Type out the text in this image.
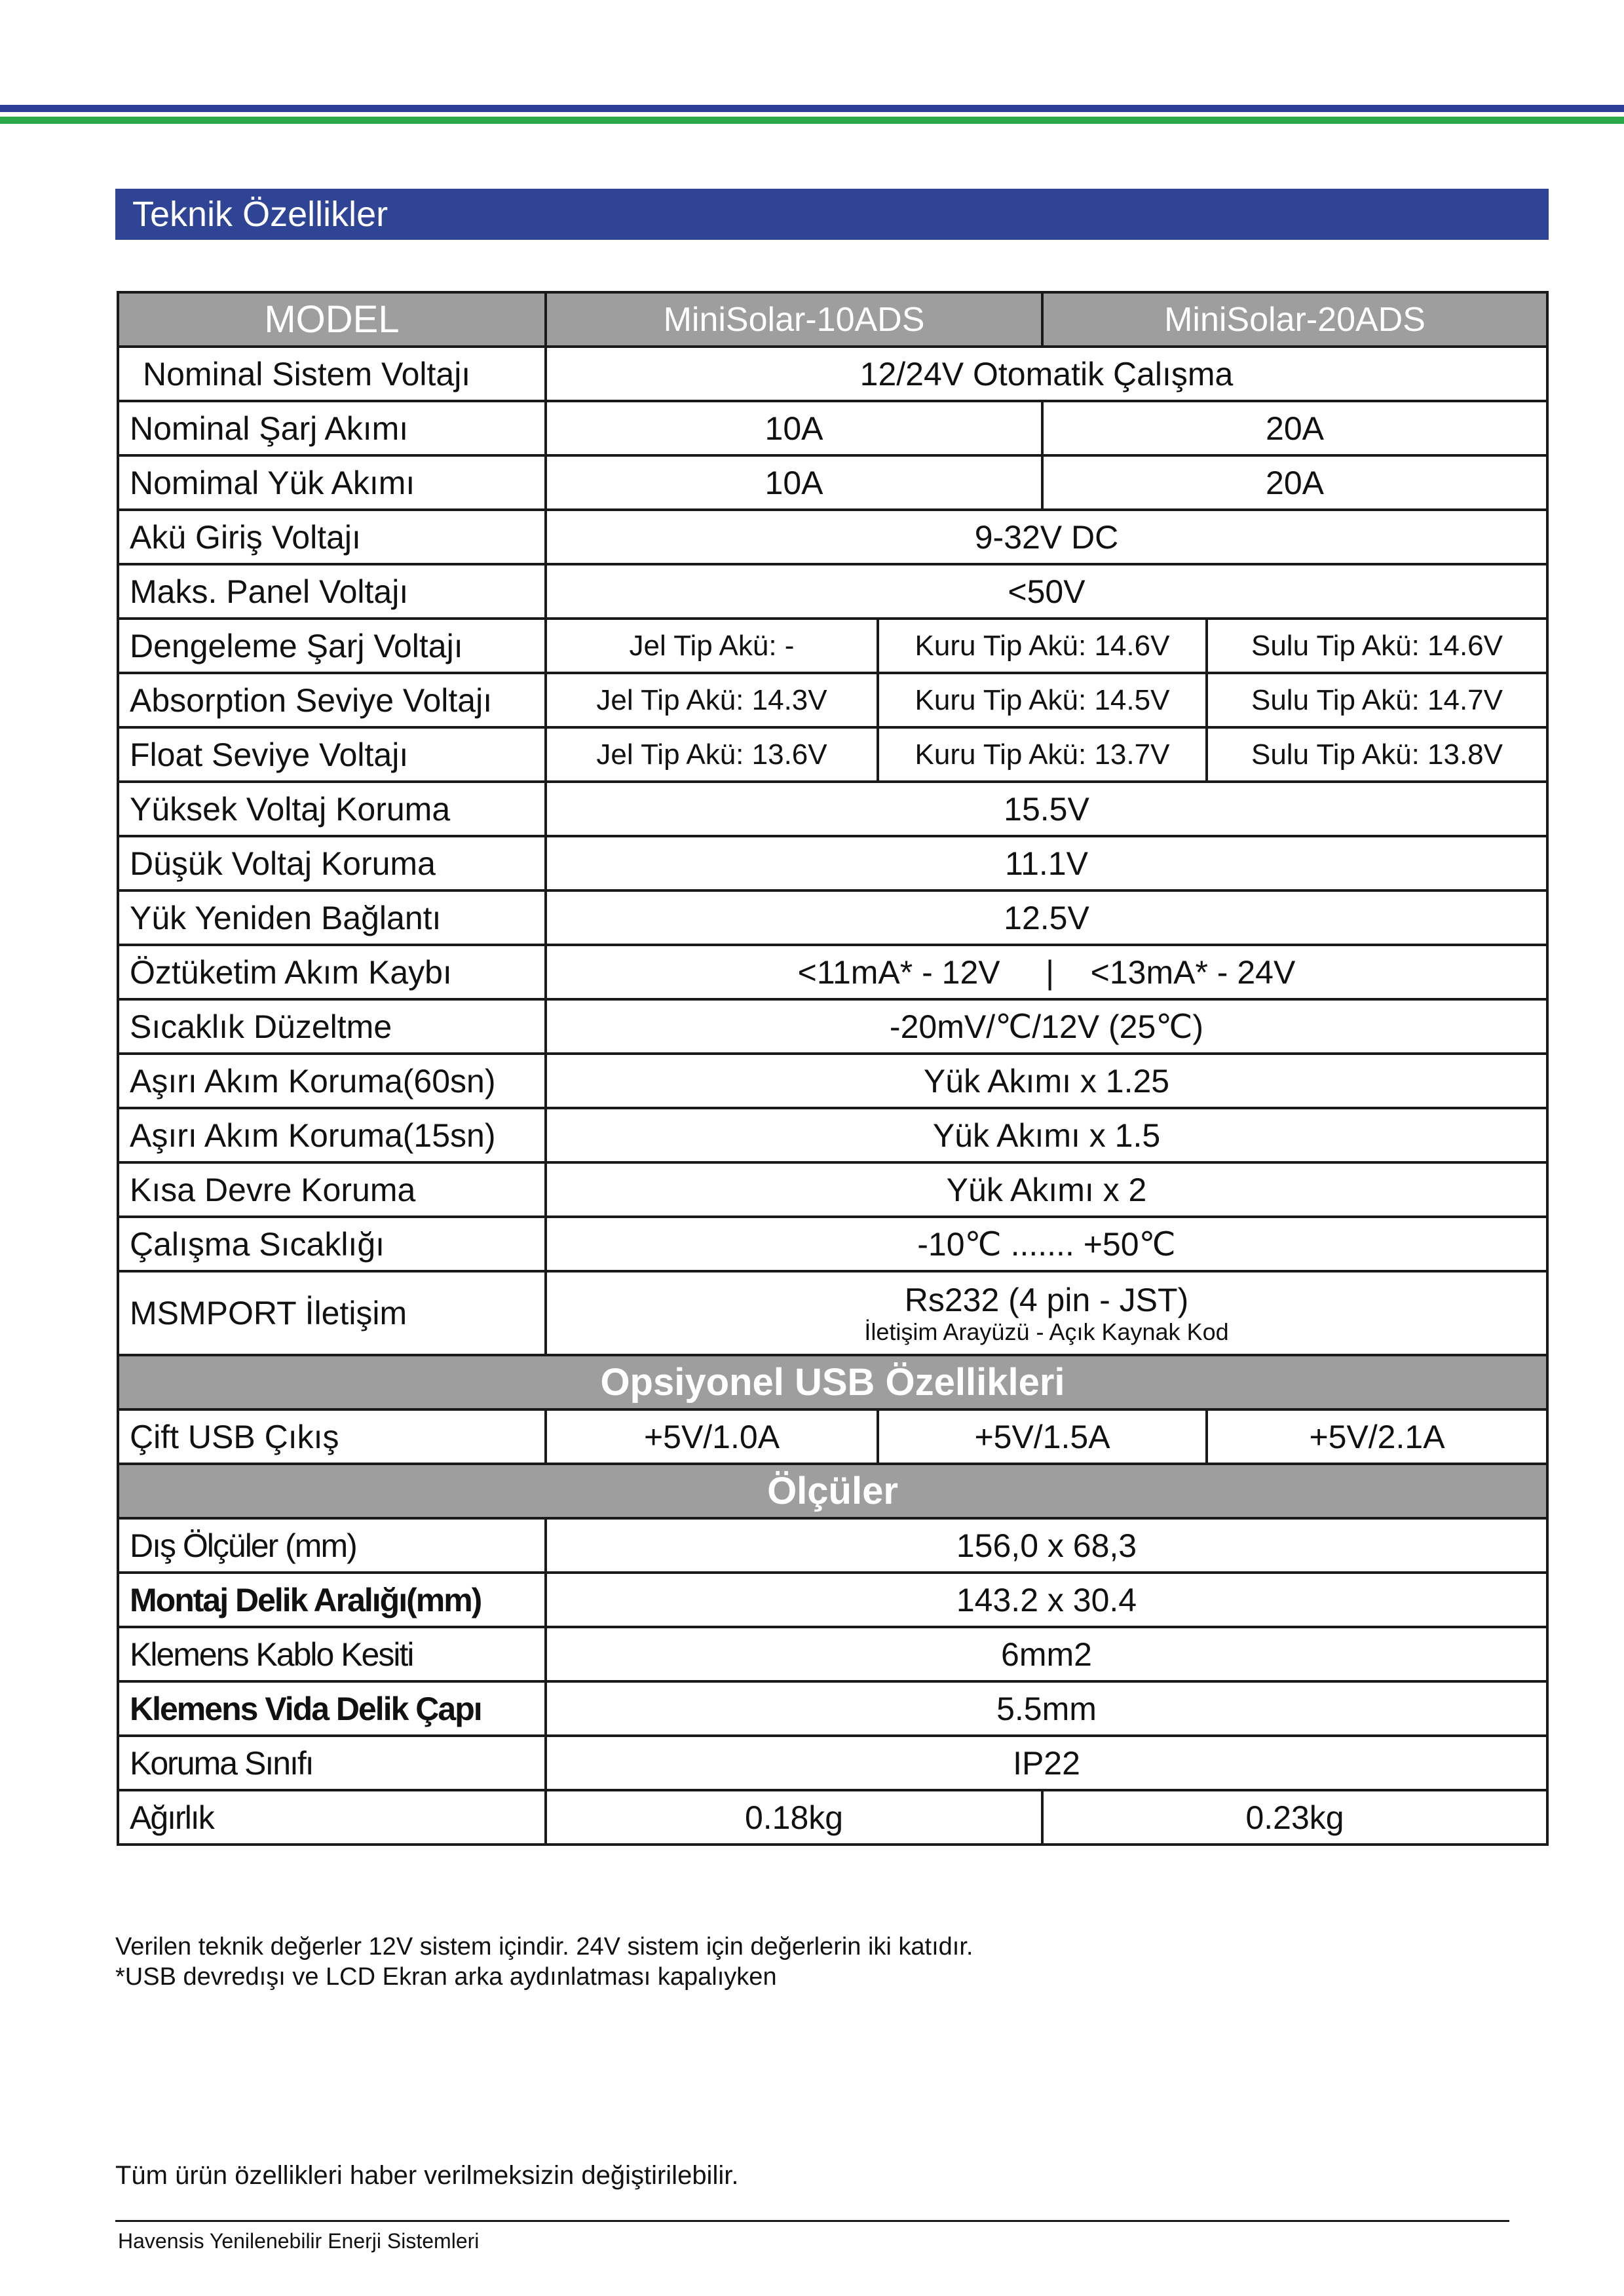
Teknik Özellikler
MODEL	MiniSolar-10ADS		MiniSolar-20ADS	
Nominal Sistem Voltajı	12/24V Otomatik Çalışma			
Nominal Şarj Akımı	10A		20A	
Nomimal Yük Akımı	10A		20A	
Akü Giriş Voltajı	9-32V DC			
Maks. Panel Voltajı	<50V			
Dengeleme Şarj Voltajı	Jel Tip Akü: -	Kuru Tip Akü: 14.6V		Sulu Tip Akü: 14.6V
Absorption Seviye Voltajı	Jel Tip Akü: 14.3V	Kuru Tip Akü: 14.5V		Sulu Tip Akü: 14.7V
Float Seviye Voltajı	Jel Tip Akü: 13.6V	Kuru Tip Akü: 13.7V		Sulu Tip Akü: 13.8V
Yüksek Voltaj Koruma	15.5V			
Düşük Voltaj Koruma	11.1V			
Yük Yeniden Bağlantı	12.5V			
Öztüketim Akım Kaybı	<11mA* - 12V     |    <13mA* - 24V			
Sıcaklık Düzeltme	-20mV/℃/12V (25℃)			
Aşırı Akım Koruma(60sn)	Yük Akımı x 1.25			
Aşırı Akım Koruma(15sn)	Yük Akımı x 1.5			
Kısa Devre Koruma	Yük Akımı x 2			
Çalışma Sıcaklığı	-10℃ ....... +50℃			
MSMPORT İletişim	Rs232 (4 pin - JST)
İletişim Arayüzü - Açık Kaynak Kod			

Opsiyonel USB Özellikleri				
Çift USB Çıkış	+5V/1.0A	+5V/1.5A		+5V/2.1A
Ölçüler				
Dış Ölçüler (mm)	156,0 x 68,3			
Montaj Delik Aralığı(mm)	143.2 x 30.4			
Klemens Kablo Kesiti	6mm2			
Klemens Vida Delik Çapı	5.5mm			
Koruma Sınıfı	IP22			
Ağırlık	0.18kg		0.23kg	
Verilen teknik değerler 12V sistem içindir. 24V sistem için değerlerin iki katıdır.
*USB devredışı ve LCD Ekran arka aydınlatması kapalıyken
Tüm ürün özellikleri haber verilmeksizin değiştirilebilir.
Havensis Yenilenebilir Enerji Sistemleri
